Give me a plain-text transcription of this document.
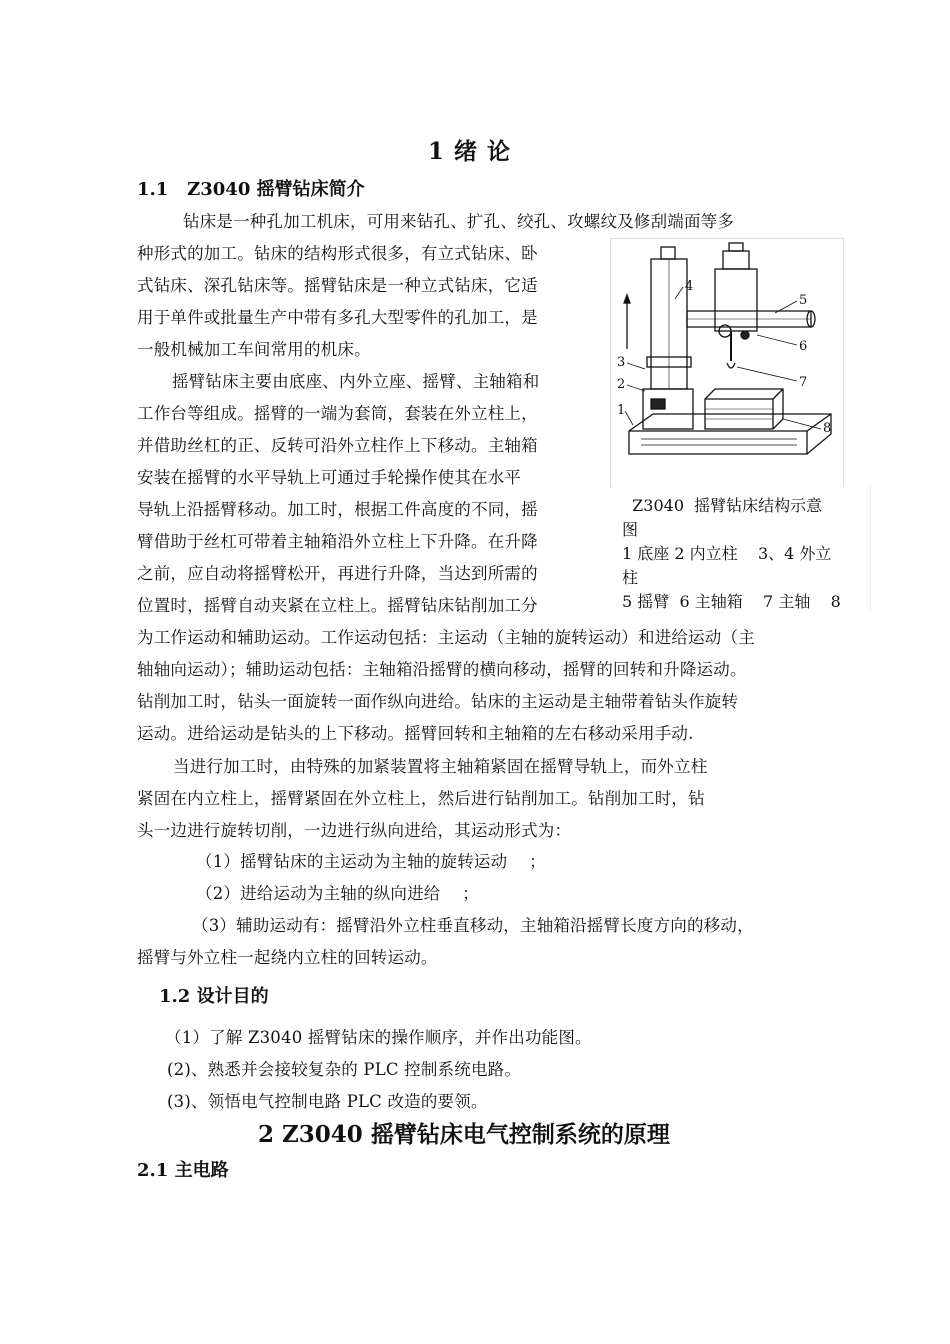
1 绪 论
1.1   Z3040 摇臂钻床简介
钻床是一种孔加工机床，可用来钻孔、扩孔、绞孔、攻螺纹及修刮端面等多
种形式的加工。钻床的结构形式很多，有立式钻床、卧
式钻床、深孔钻床等。摇臂钻床是一种立式钻床，它适
用于单件或批量生产中带有多孔大型零件的孔加工，是
一般机械加工车间常用的机床。
摇臂钻床主要由底座、内外立座、摇臂、主轴箱和
工作台等组成。摇臂的一端为套筒，套装在外立柱上，
并借助丝杠的正、反转可沿外立柱作上下移动。主轴箱
安装在摇臂的水平导轨上可通过手轮操作使其在水平
导轨上沿摇臂移动。加工时，根据工件高度的不同，摇
臂借助于丝杠可带着主轴箱沿外立柱上下升降。在升降
之前，应自动将摇臂松开，再进行升降，当达到所需的
位置时，摇臂自动夹紧在立柱上。摇臂钻床钻削加工分
为工作运动和辅助运动。工作运动包括：主运动（主轴的旋转运动）和进给运动（主
轴轴向运动）；辅助运动包括：主轴箱沿摇臂的横向移动，摇臂的回转和升降运动。
钻削加工时，钻头一面旋转一面作纵向进给。钻床的主运动是主轴带着钻头作旋转
运动。进给运动是钻头的上下移动。摇臂回转和主轴箱的左右移动采用手动.
当进行加工时，由特殊的加紧装置将主轴箱紧固在摇臂导轨上，而外立柱
紧固在内立柱上，摇臂紧固在外立柱上，然后进行钻削加工。钻削加工时，钻
头一边进行旋转切削，一边进行纵向进给，其运动形式为：
（1）摇臂钻床的主运动为主轴的旋转运动    ；
（2）进给运动为主轴的纵向进给    ；
（3）辅助运动有：摇臂沿外立柱垂直移动，主轴箱沿摇臂长度方向的移动，
摇臂与外立柱一起绕内立柱的回转运动。
1.2 设计目的
（1）了解 Z3040 摇臂钻床的操作顺序，并作出功能图。
(2)、熟悉并会接较复杂的 PLC 控制系统电路。
(3)、领悟电气控制电路 PLC 改造的要领。
2 Z3040 摇臂钻床电气控制系统的原理
2.1 主电路
1
2
3
4
5
6
7
8
Z3040  摇臂钻床结构示意
图
1 底座 2 内立柱    3、4 外立
柱
5 摇臂  6 主轴箱    7 主轴    8
